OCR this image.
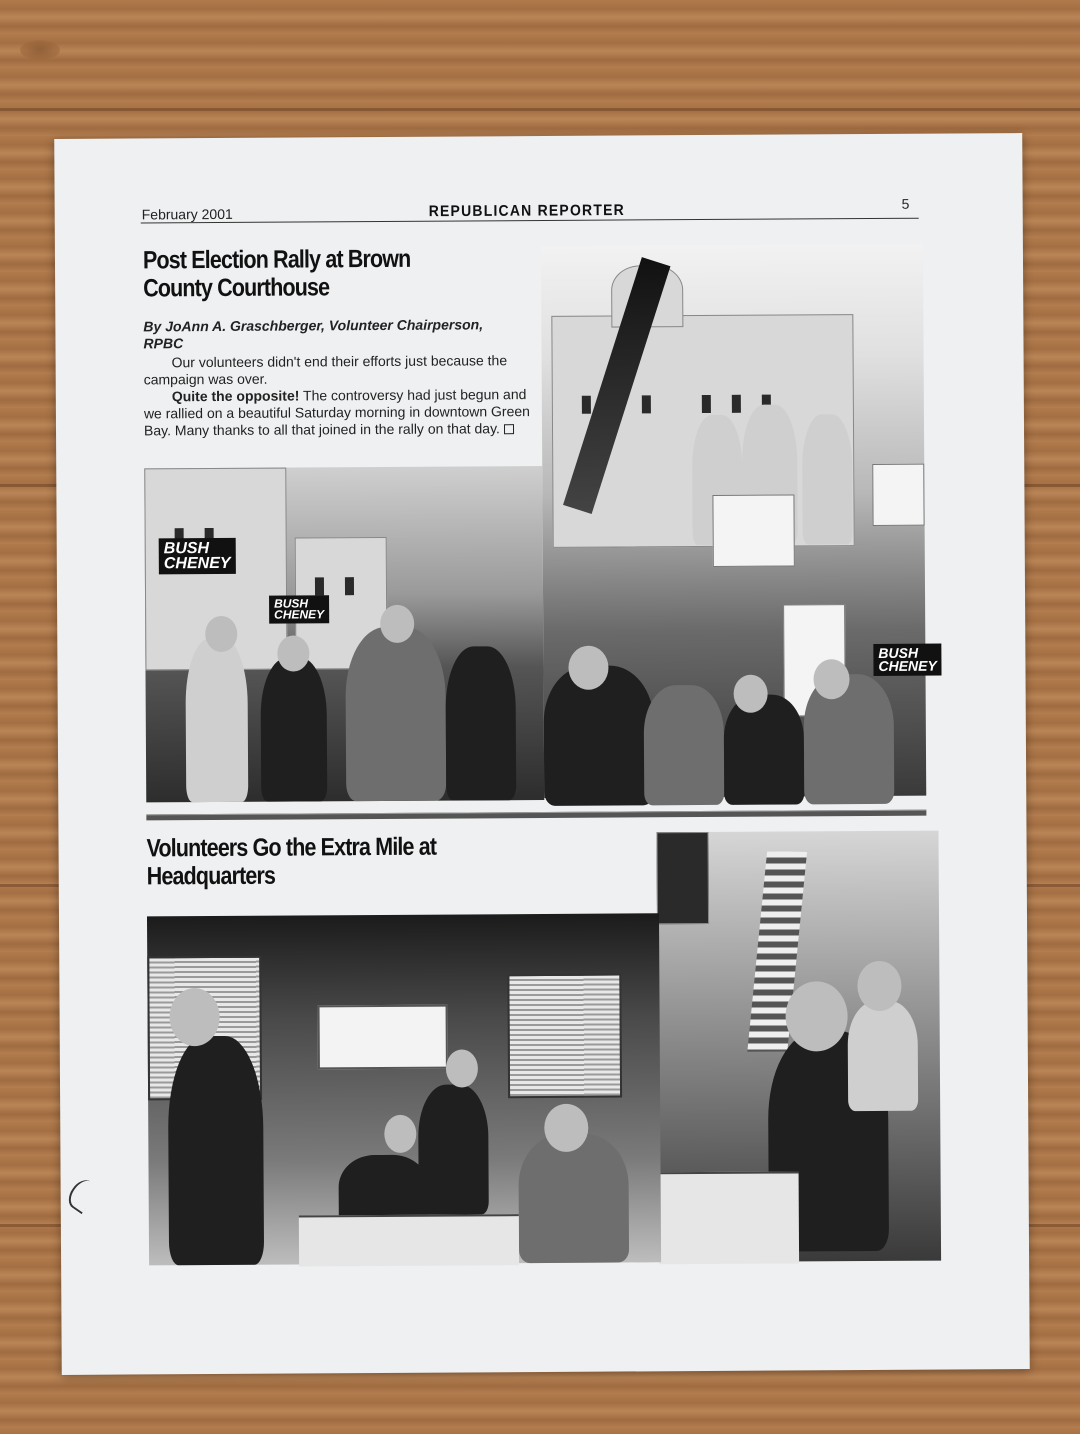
February 2001	REPUBLICAN REPORTER	5
Post Election Rally at Brown
County Courthouse
By JoAnn A. Graschberger, Volunteer Chairperson,
RPBC

Our volunteers didn't end their efforts just because the campaign was over.

Quite the opposite! The controversy had just begun and we rallied on a beautiful Saturday morning in downtown Green Bay. Many thanks to all that joined in the rally on that day.

BUSH
CHENEY
BUSH
CHENEY
BUSH
CHENEY
Volunteers Go the Extra Mile at
Headquarters
